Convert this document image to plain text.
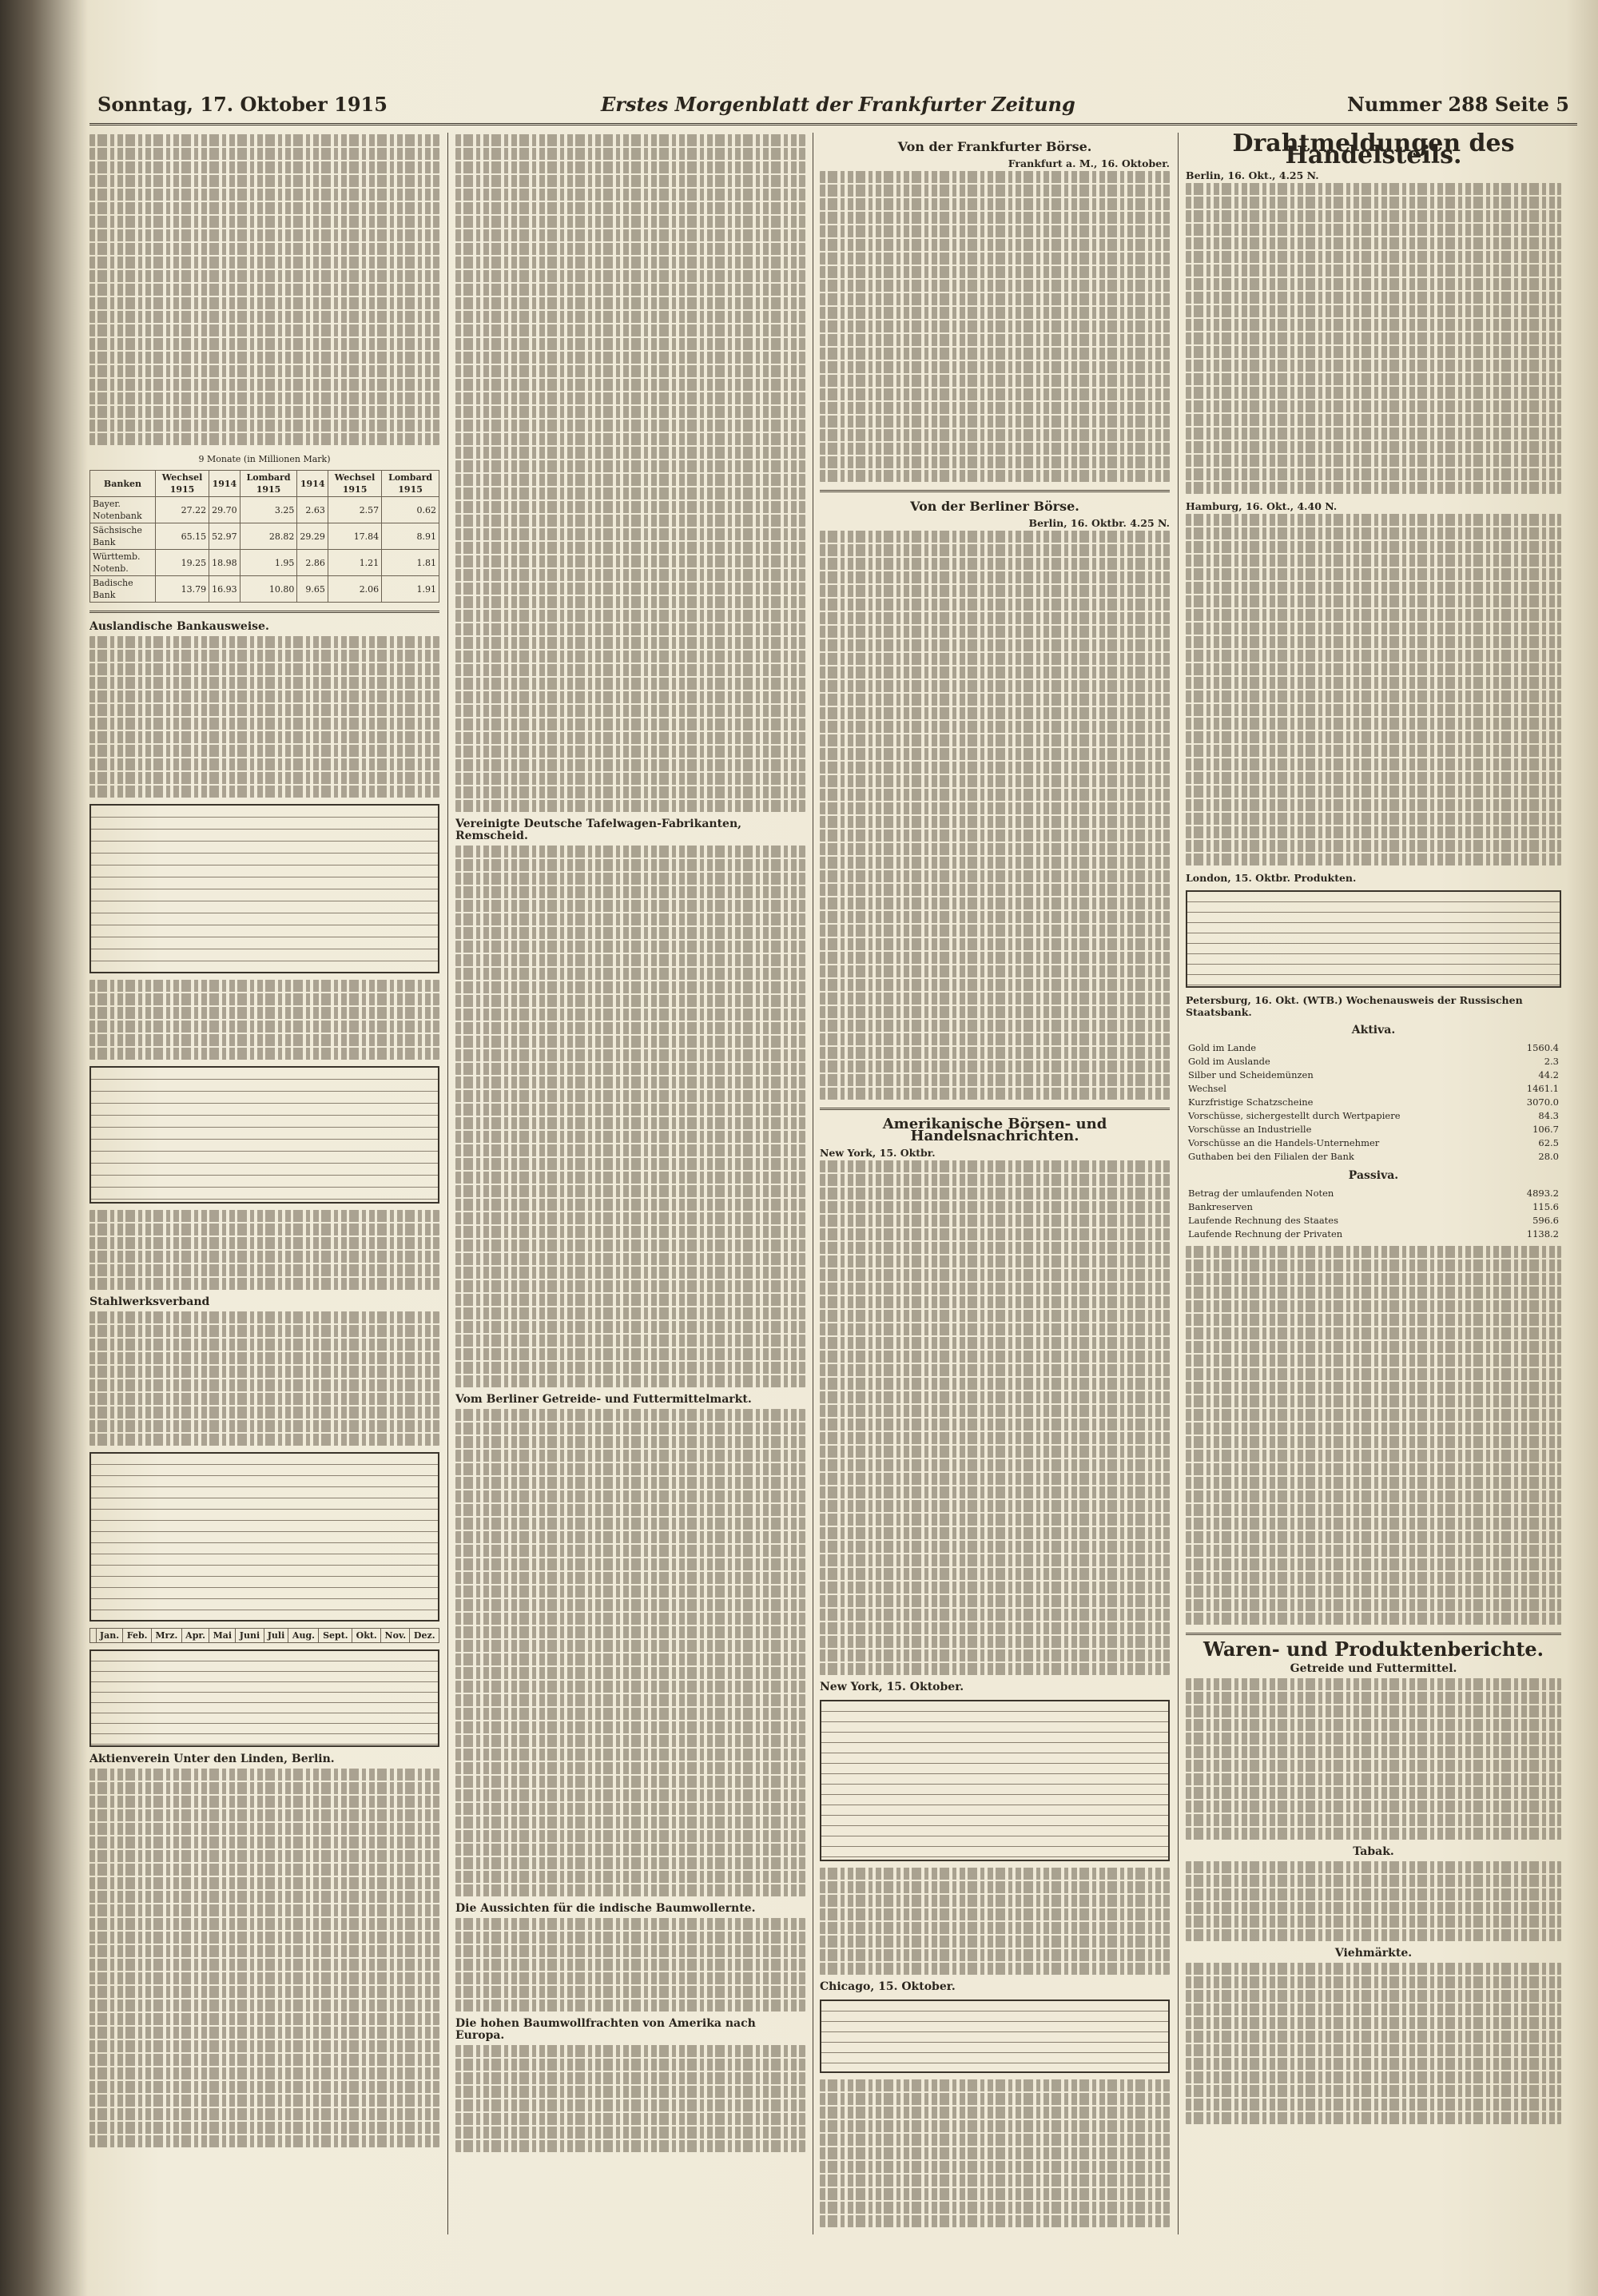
Sonntag, 17. Oktober 1915	Erstes Morgenblatt der Frankfurter Zeitung	Nummer 288 Seite 5
9 Monate (in Millionen Mark)
Banken	Wechsel 1915	1914	Lombard 1915	1914	Wechsel 1915	Lombard 1915
Bayer. Notenbank	27.22	29.70	3.25	2.63	2.57	0.62
Sächsische Bank	65.15	52.97	28.82	29.29	17.84	8.91
Württemb. Notenb.	19.25	18.98	1.95	2.86	1.21	1.81
Badische Bank	13.79	16.93	10.80	9.65	2.06	1.91
Auslandische Bankausweise.
Stahlwerksverband
	Jan.	Feb.	Mrz.	Apr.	Mai	Juni	Juli	Aug.	Sept.	Okt.	Nov.	Dez.
Aktienverein Unter den Linden, Berlin.
Vereinigte Deutsche Tafelwagen-Fabrikanten, Remscheid.
Vom Berliner Getreide- und Futtermittelmarkt.
Die Aussichten für die indische Baumwollernte.
Die hohen Baumwollfrachten von Amerika nach Europa.
Von der Frankfurter Börse.
Frankfurt a. M., 16. Oktober.
Von der Berliner Börse.
Berlin, 16. Oktbr. 4.25 N.
Amerikanische Börsen- und Handelsnachrichten.
New York, 15. Oktbr.
New York, 15. Oktober.
Chicago, 15. Oktober.
Drahtmeldungen des Handelsteils.
Berlin, 16. Okt., 4.25 N.
Hamburg, 16. Okt., 4.40 N.
London, 15. Oktbr. Produkten.
Petersburg, 16. Okt. (WTB.) Wochenausweis der Russischen Staatsbank.
Aktiva.
Gold im Lande	1560.4
Gold im Auslande	2.3
Silber und Scheidemünzen	44.2
Wechsel	1461.1
Kurzfristige Schatzscheine	3070.0
Vorschüsse, sichergestellt durch Wertpapiere	84.3
Vorschüsse an Industrielle	106.7
Vorschüsse an die Handels-Unternehmer	62.5
Guthaben bei den Filialen der Bank	28.0
Passiva.
Betrag der umlaufenden Noten	4893.2
Bankreserven	115.6
Laufende Rechnung des Staates	596.6
Laufende Rechnung der Privaten	1138.2
Waren- und Produktenberichte.
Getreide und Futtermittel.
Tabak.
Viehmärkte.
